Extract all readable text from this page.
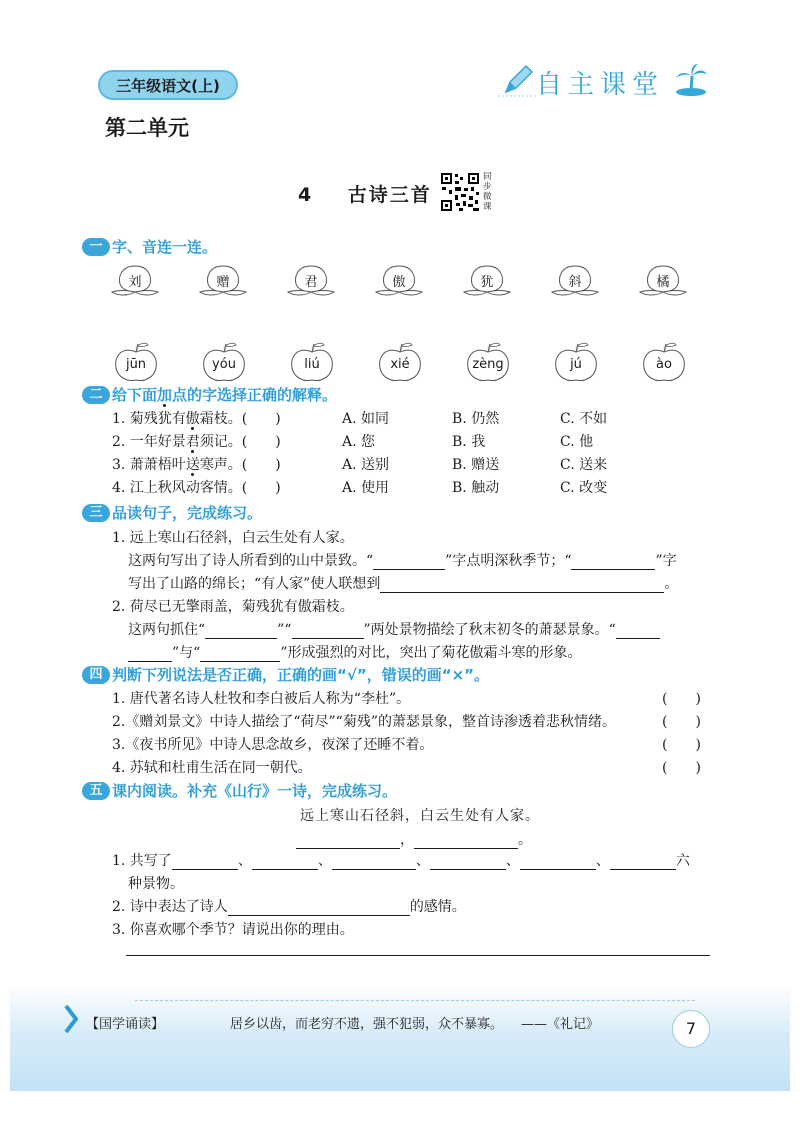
三年级语文(上)
第二单元
自主课堂
4 古诗三首
同步微课
一 字、音连一连。
刘	赠	君	傲	犹	斜	橘
jūn	yóu	liú	xié	zèng	jú	ào
二 给下面加点的字选择正确的解释。
1. 菊残犹有傲霜枝。(　　)	A. 如同	B. 仍然	C. 不如
2. 一年好景君须记。(　　)	A. 您	B. 我	C. 他
3. 萧萧梧叶送寒声。(　　)	A. 送别	B. 赠送	C. 送来
4. 江上秋风动客情。(　　)	A. 使用	B. 触动	C. 改变
三 品读句子，完成练习。
1. 远上寒山石径斜，白云生处有人家。
这两句写出了诗人所看到的山中景致。“	”字点明深秋季节；“	”字
写出了山路的绵长；“有人家”使人联想到	。
2. 荷尽已无擎雨盖，菊残犹有傲霜枝。
这两句抓住“	”“	”两处景物描绘了秋末初冬的萧瑟景象。“
”与“	”形成强烈的对比，突出了菊花傲霜斗寒的形象。
四 判断下列说法是否正确，正确的画“√”，错误的画“×”。
1. 唐代著名诗人杜牧和李白被后人称为“李杜”。	(　　)
2.《赠刘景文》中诗人描绘了“荷尽”“菊残”的萧瑟景象，整首诗渗透着悲秋情绪。	(　　)
3.《夜书所见》中诗人思念故乡，夜深了还睡不着。	(　　)
4. 苏轼和杜甫生活在同一朝代。	(　　)
五 课内阅读。补充《山行》一诗，完成练习。
远上寒山石径斜，白云生处有人家。
，	。
1. 共写了	、	、	、	、	、	六
种景物。
2. 诗中表达了诗人	的感情。
3. 你喜欢哪个季节？请说出你的理由。
【国学诵读】	居乡以齿，而老穷不遗，强不犯弱，众不暴寡。 ——《礼记》	7
